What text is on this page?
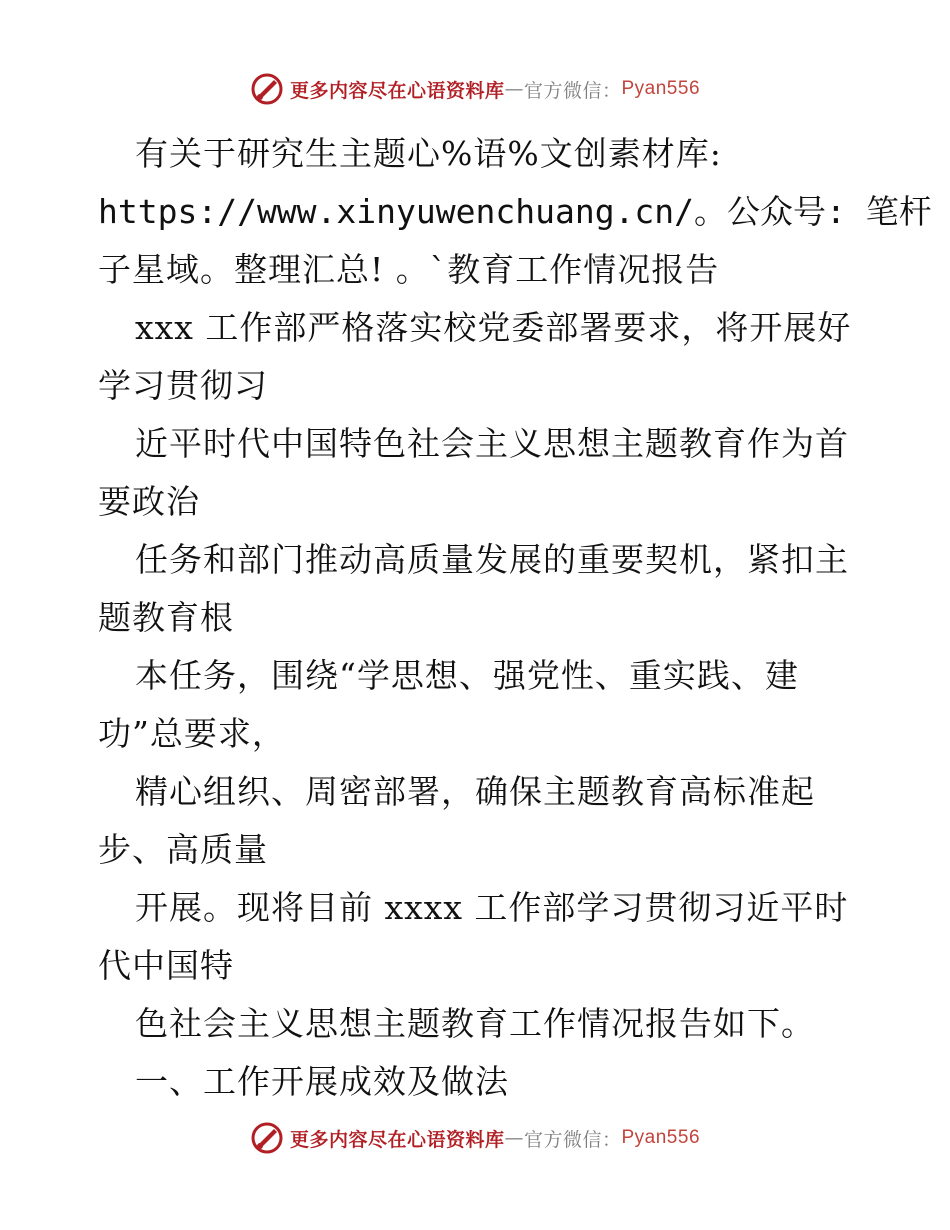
更多内容尽在心语资料库 — 官方微信： Pyan556
有关于研究生主题心%语%文创素材库:
https://www.xinyuwenchuang.cn/。公众号: 笔杆
子星域。整理汇总! 。`教育工作情况报告
xxx 工作部严格落实校党委部署要求，将开展好
学习贯彻习
近平时代中国特色社会主义思想主题教育作为首
要政治
任务和部门推动高质量发展的重要契机，紧扣主
题教育根
本任务，围绕“学思想、强党性、重实践、建
功”总要求，
精心组织、周密部署，确保主题教育高标准起
步、高质量
开展。现将目前 xxxx 工作部学习贯彻习近平时
代中国特
色社会主义思想主题教育工作情况报告如下。
一、工作开展成效及做法
更多内容尽在心语资料库 — 官方微信： Pyan556
